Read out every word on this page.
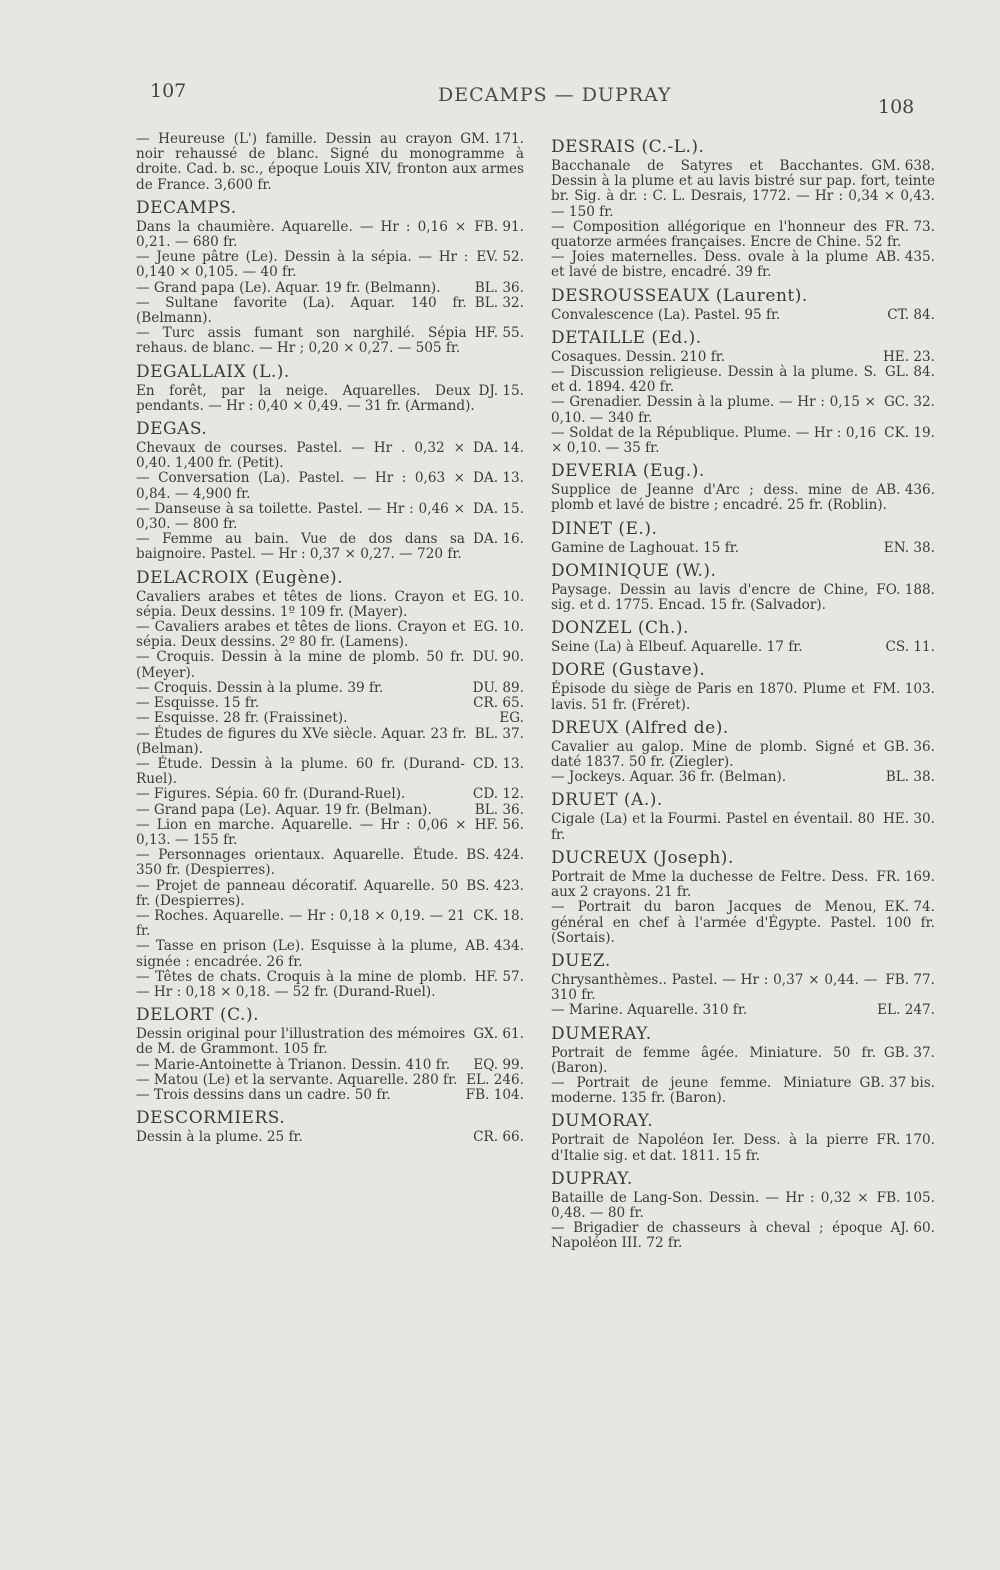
107	DECAMPS — DUPRAY
108
GM. 171.
— Heureuse (L') famille. Dessin au crayon noir rehaussé de blanc. Signé du monogramme à droite. Cad. b. sc., époque Louis XIV, fronton aux armes de France. 3,600 fr.
DECAMPS.
FB. 91.
Dans la chaumière. Aquarelle. — Hr : 0,16 × 0,21. — 680 fr.
EV. 52.
— Jeune pâtre (Le). Dessin à la sépia. — Hr : 0,140 × 0,105. — 40 fr.
BL. 36.
— Grand papa (Le). Aquar. 19 fr. (Belmann).
BL. 32.
— Sultane favorite (La). Aquar. 140 fr. (Belmann).
HF. 55.
— Turc assis fumant son narghilé. Sépia rehaus. de blanc. — Hr ; 0,20 × 0,27. — 505 fr.
DEGALLAIX (L.).
DJ. 15.
En forêt, par la neige. Aquarelles. Deux pendants. — Hr : 0,40 × 0,49. — 31 fr. (Armand).
DEGAS.
DA. 14.
Chevaux de courses. Pastel. — Hr . 0,32 × 0,40. 1,400 fr. (Petit).
DA. 13.
— Conversation (La). Pastel. — Hr : 0,63 × 0,84. — 4,900 fr.
DA. 15.
— Danseuse à sa toilette. Pastel. — Hr : 0,46 × 0,30. — 800 fr.
DA. 16.
— Femme au bain. Vue de dos dans sa baignoire. Pastel. — Hr : 0,37 × 0,27. — 720 fr.
DELACROIX (Eugène).
EG. 10.
Cavaliers arabes et têtes de lions. Crayon et sépia. Deux dessins. 1º 109 fr. (Mayer).
EG. 10.
— Cavaliers arabes et têtes de lions. Crayon et sépia. Deux dessins. 2º 80 fr. (Lamens).
DU. 90.
— Croquis. Dessin à la mine de plomb. 50 fr. (Meyer).
DU. 89.
— Croquis. Dessin à la plume. 39 fr.
CR. 65.
— Esquisse. 15 fr.
EG.
— Esquisse. 28 fr. (Fraissinet).
BL. 37.
— Études de figures du XVe siècle. Aquar. 23 fr. (Belman).
CD. 13.
— Étude. Dessin à la plume. 60 fr. (Durand-Ruel).
CD. 12.
— Figures. Sépia. 60 fr. (Durand-Ruel).
BL. 36.
— Grand papa (Le). Aquar. 19 fr. (Belman).
HF. 56.
— Lion en marche. Aquarelle. — Hr : 0,06 × 0,13. — 155 fr.
BS. 424.
— Personnages orientaux. Aquarelle. Étude. 350 fr. (Despierres).
BS. 423.
— Projet de panneau décoratif. Aquarelle. 50 fr. (Despierres).
CK. 18.
— Roches. Aquarelle. — Hr : 0,18 × 0,19. — 21 fr.
AB. 434.
— Tasse en prison (Le). Esquisse à la plume, signée : encadrée. 26 fr.
HF. 57.
— Têtes de chats. Croquis à la mine de plomb. — Hr : 0,18 × 0,18. — 52 fr. (Durand-Ruel).
DELORT (C.).
GX. 61.
Dessin original pour l'illustration des mémoires de M. de Grammont. 105 fr.
EQ. 99.
— Marie-Antoinette à Trianon. Dessin. 410 fr.
EL. 246.
— Matou (Le) et la servante. Aquarelle. 280 fr.
FB. 104.
— Trois dessins dans un cadre. 50 fr.
DESCORMIERS.
CR. 66.
Dessin à la plume. 25 fr.
DESRAIS (C.-L.).
GM. 638.
Bacchanale de Satyres et Bacchantes. Dessin à la plume et au lavis bistré sur pap. fort, teinte br. Sig. à dr. : C. L. Desrais, 1772. — Hr : 0,34 × 0,43. — 150 fr.
FR. 73.
— Composition allégorique en l'honneur des quatorze armées françaises. Encre de Chine. 52 fr.
AB. 435.
— Joies maternelles. Dess. ovale à la plume et lavé de bistre, encadré. 39 fr.
DESROUSSEAUX (Laurent).
CT. 84.
Convalescence (La). Pastel. 95 fr.
DETAILLE (Ed.).
HE. 23.
Cosaques. Dessin. 210 fr.
GL. 84.
— Discussion religieuse. Dessin à la plume. S. et d. 1894. 420 fr.
GC. 32.
— Grenadier. Dessin à la plume. — Hr : 0,15 × 0,10. — 340 fr.
CK. 19.
— Soldat de la République. Plume. — Hr : 0,16 × 0,10. — 35 fr.
DEVERIA (Eug.).
AB. 436.
Supplice de Jeanne d'Arc ; dess. mine de plomb et lavé de bistre ; encadré. 25 fr. (Roblin).
DINET (E.).
EN. 38.
Gamine de Laghouat. 15 fr.
DOMINIQUE (W.).
FO. 188.
Paysage. Dessin au lavis d'encre de Chine, sig. et d. 1775. Encad. 15 fr. (Salvador).
DONZEL (Ch.).
CS. 11.
Seine (La) à Elbeuf. Aquarelle. 17 fr.
DORE (Gustave).
FM. 103.
Épisode du siège de Paris en 1870. Plume et lavis. 51 fr. (Fréret).
DREUX (Alfred de).
GB. 36.
Cavalier au galop. Mine de plomb. Signé et daté 1837. 50 fr. (Ziegler).
BL. 38.
— Jockeys. Aquar. 36 fr. (Belman).
DRUET (A.).
HE. 30.
Cigale (La) et la Fourmi. Pastel en éventail. 80 fr.
DUCREUX (Joseph).
FR. 169.
Portrait de Mme la duchesse de Feltre. Dess. aux 2 crayons. 21 fr.
EK. 74.
— Portrait du baron Jacques de Menou, général en chef à l'armée d'Égypte. Pastel. 100 fr. (Sortais).
DUEZ.
FB. 77.
Chrysanthèmes.. Pastel. — Hr : 0,37 × 0,44. — 310 fr.
EL. 247.
— Marine. Aquarelle. 310 fr.
DUMERAY.
GB. 37.
Portrait de femme âgée. Miniature. 50 fr. (Baron).
GB. 37 bis.
— Portrait de jeune femme. Miniature moderne. 135 fr. (Baron).
DUMORAY.
FR. 170.
Portrait de Napoléon Ier. Dess. à la pierre d'Italie sig. et dat. 1811. 15 fr.
DUPRAY.
FB. 105.
Bataille de Lang-Son. Dessin. — Hr : 0,32 × 0,48. — 80 fr.
AJ. 60.
— Brigadier de chasseurs à cheval ; époque Napoléon III. 72 fr.
